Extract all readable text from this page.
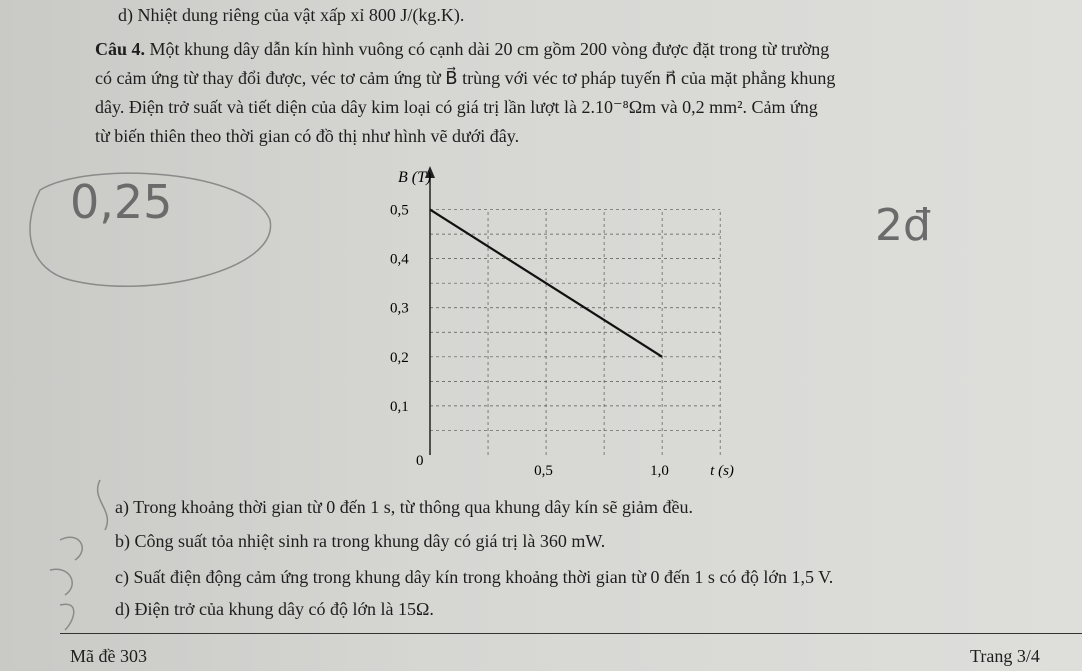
d) Nhiệt dung riêng của vật xấp xỉ 800 J/(kg.K).
Câu 4. Một khung dây dẫn kín hình vuông có cạnh dài 20 cm gồm 200 vòng được đặt trong từ trường
có cảm ứng từ thay đổi được, véc tơ cảm ứng từ B⃗ trùng với véc tơ pháp tuyến n⃗ của mặt phẳng khung
dây. Điện trở suất và tiết diện của dây kim loại có giá trị lần lượt là 2.10⁻⁸Ωm và 0,2 mm². Cảm ứng
từ biến thiên theo thời gian có đồ thị như hình vẽ dưới đây.
0,25	2đ
B (T)
0
0,1
0,2
0,3
0,4
0,5
0,5	1,0	t (s)
a) Trong khoảng thời gian từ 0 đến 1 s, từ thông qua khung dây kín sẽ giảm đều.
b) Công suất tỏa nhiệt sinh ra trong khung dây có giá trị là 360 mW.
c) Suất điện động cảm ứng trong khung dây kín trong khoảng thời gian từ 0 đến 1 s có độ lớn 1,5 V.
d) Điện trở của khung dây có độ lớn là 15Ω.
Mã đề 303	Trang 3/4
